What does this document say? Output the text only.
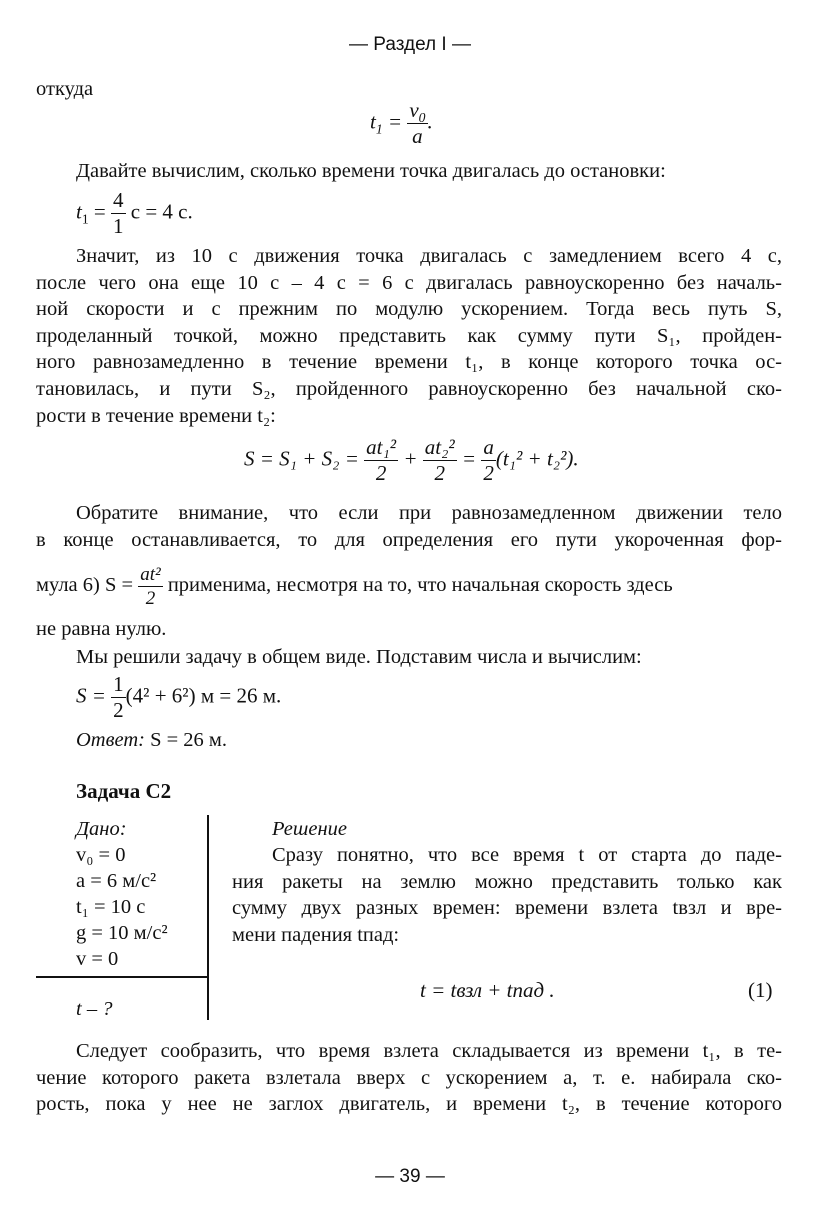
— Раздел I —
откуда
$t_1 = \frac{v_0}{a}$ .
Давайте вычислим, сколько времени точка двигалась до остановки:
$t_1 = \frac{4}{1}$ с = 4 с.

Значит, из 10 с движения точка двигалась с замедлением всего 4 с,

после чего она еще 10 с – 4 с = 6 с двигалась равноускоренно без началь-

ной скорости и с прежним по модулю ускорением. Тогда весь путь S,

проделанный точкой, можно представить как сумму пути S₁, пройден-

ного равнозамедленно в течение времени t₁, в конце которого точка ос-

тановилась, и пути S₂, пройденного равноускоренно без начальной ско-

рости в течение времени t₂:

$S = S_1 + S_2 = \frac{\text{at₁²}}{2} + \frac{\text{at₂²}}{2} = \frac{a}{2} (t_1^2 + t_2^2)$.

Обратите внимание, что если при равнозамедленном движении тело

в конце останавливается, то для определения его пути укороченная фор-

мула 6) $S = \frac{\text{at²}}{2}$ применима, несмотря на то, что начальная скорость здесь
не равна нулю.
Мы решили задачу в общем виде. Подставим числа и вычислим:
$S = \frac{1}{2} (4^2 + 6^2) м = 26$ м.
Ответ: S = 26 м.
Задача С2
Дано:
v₀ = 0
a = 6 м/с²
t₁ = 10 с
g = 10 м/с²
v = 0
t – ?
Решение

Сразу понятно, что все время t от старта до паде-

ния ракеты на землю можно представить только как

сумму двух разных времен: времени взлета tвзл и вре-

мени падения tпад:

t = tвзл + tпад .	(1)

Следует сообразить, что время взлета складывается из времени t₁, в те-

чение которого ракета взлетала вверх с ускорением a, т. е. набирала ско-

рость, пока у нее не заглох двигатель, и времени t₂, в течение которого

— 39 —
